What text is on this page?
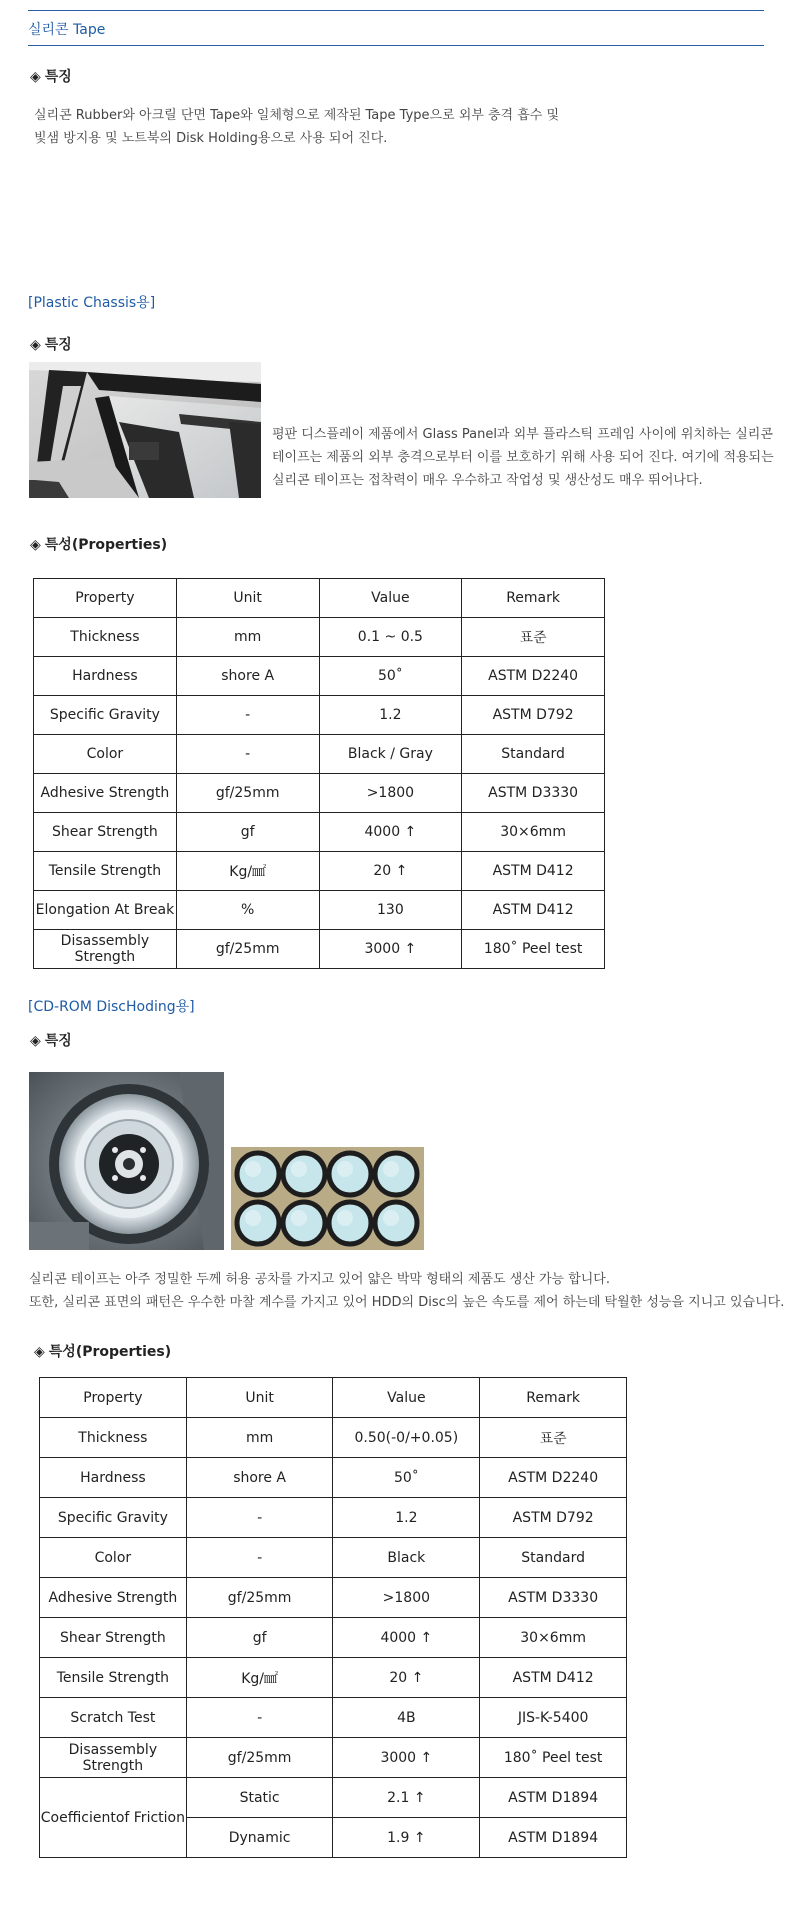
실리콘 Tape
◈ 특징
실리콘 Rubber와 아크릴 단면 Tape와 일체형으로 제작된 Tape Type으로 외부 충격 흡수 및
빛샘 방지용 및 노트북의 Disk Holding용으로 사용 되어 진다.
[Plastic Chassis용]
◈ 특징
평판 디스플레이 제품에서 Glass Panel과 외부 플라스틱 프레임 사이에 위치하는 실리콘
테이프는 제품의 외부 충격으로부터 이를 보호하기 위해 사용 되어 진다. 여기에 적용되는
실리콘 테이프는 접착력이 매우 우수하고 작업성 및 생산성도 매우 뛰어나다.
◈ 특성(Properties)
Property	Unit	Value	Remark
Thickness	mm	0.1 ~ 0.5	표준
Hardness	shore A	50˚	ASTM D2240
Specific Gravity	-	1.2	ASTM D792
Color	-	Black / Gray	Standard
Adhesive Strength	gf/25mm	>1800	ASTM D3330
Shear Strength	gf	4000 ↑	30×6mm
Tensile Strength	Kg/㎟	20 ↑	ASTM D412
Elongation At Break	%	130	ASTM D412
Disassembly Strength	gf/25mm	3000 ↑	180˚ Peel test
[CD-ROM DiscHoding용]
◈ 특징
실리콘 테이프는 아주 정밀한 두께 허용 공차를 가지고 있어 얇은 박막 형태의 제품도 생산 가능 합니다.
또한, 실리콘 표면의 패턴은 우수한 마찰 계수를 가지고 있어 HDD의 Disc의 높은 속도를 제어 하는데 탁월한 성능을 지니고 있습니다.
◈ 특성(Properties)
Property	Unit	Value	Remark
Thickness	mm	0.50(-0/+0.05)	표준
Hardness	shore A	50˚	ASTM D2240
Specific Gravity	-	1.2	ASTM D792
Color	-	Black	Standard
Adhesive Strength	gf/25mm	>1800	ASTM D3330
Shear Strength	gf	4000 ↑	30×6mm
Tensile Strength	Kg/㎟	20 ↑	ASTM D412
Scratch Test	-	4B	JIS-K-5400
Disassembly Strength	gf/25mm	3000 ↑	180˚ Peel test
Coefficientof Friction	Static	2.1 ↑	ASTM D1894
	Dynamic	1.9 ↑	ASTM D1894
